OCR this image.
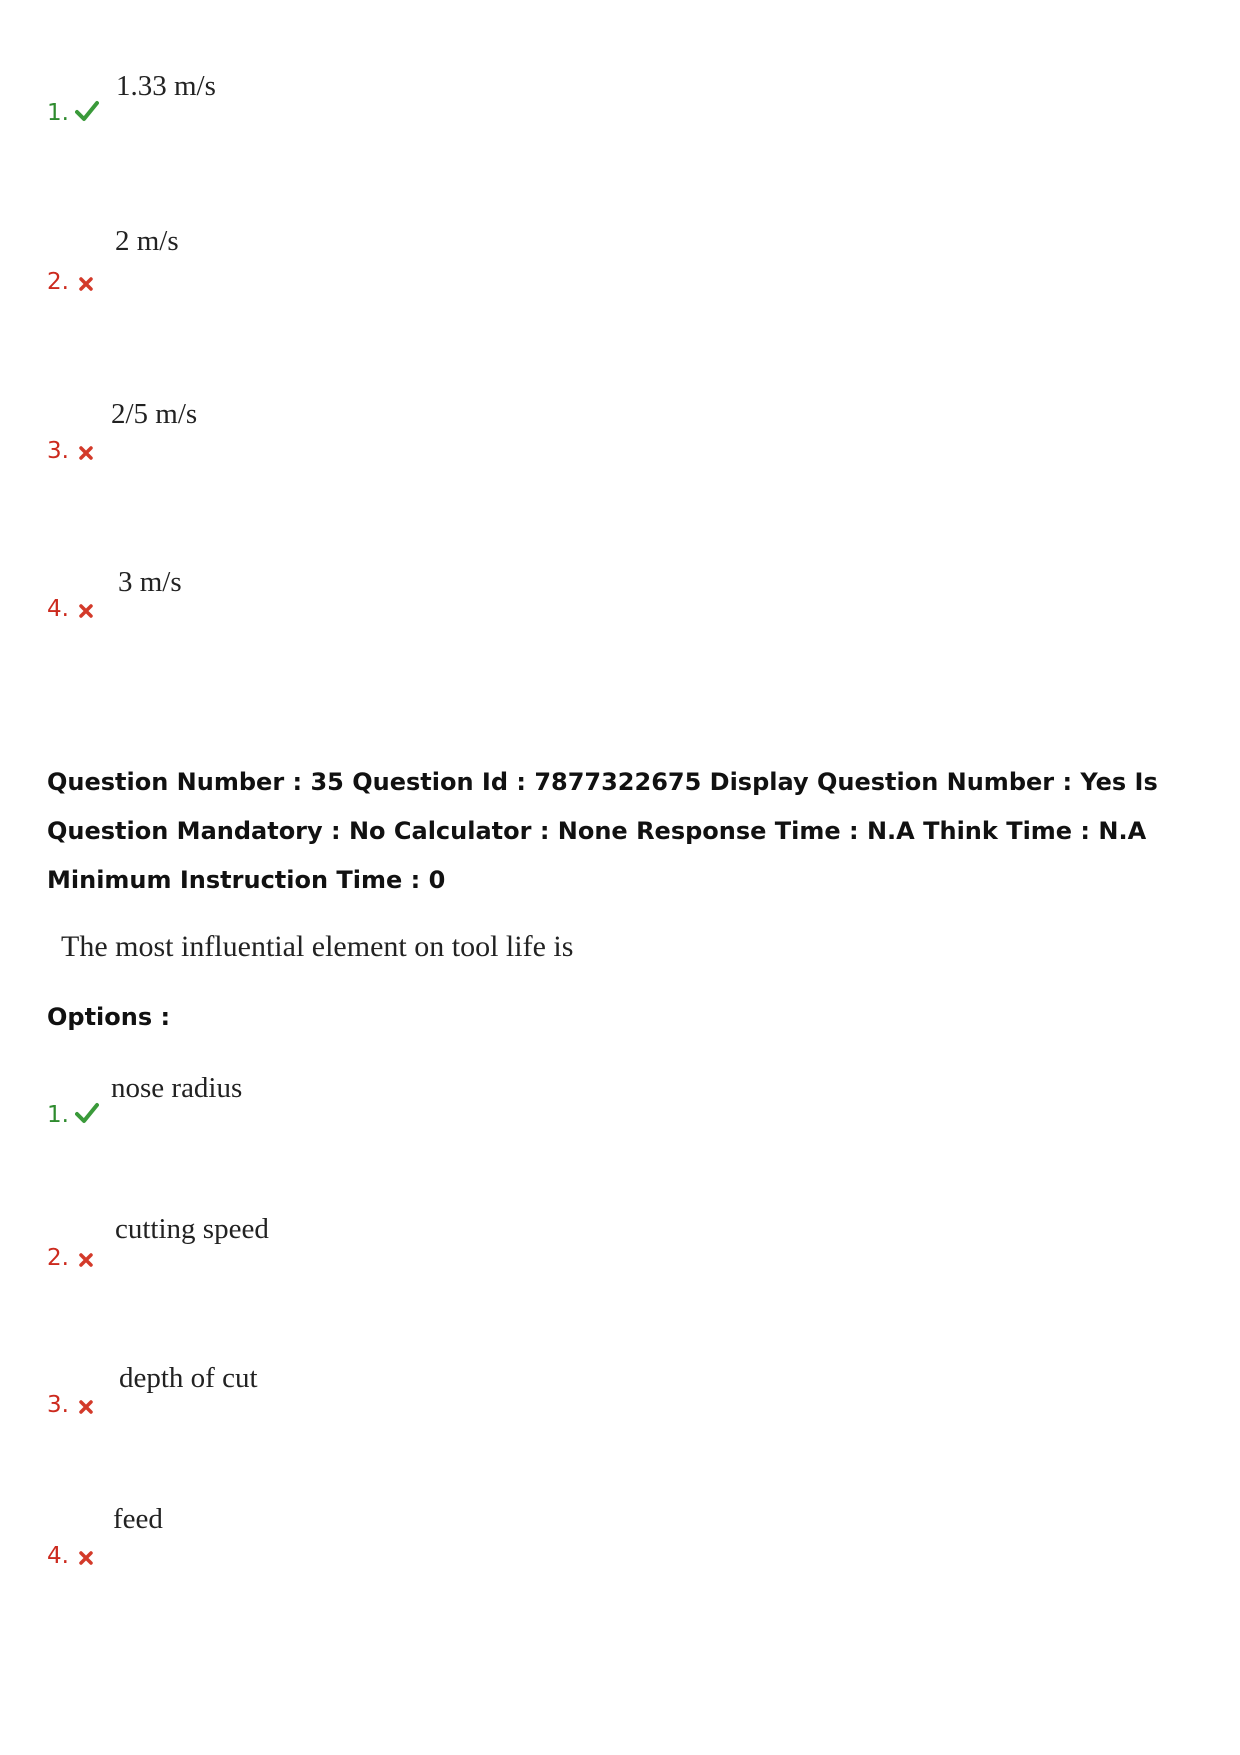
1.
1.33 m/s
2.
2 m/s
3.
2/5 m/s
4.
3 m/s
Question Number : 35 Question Id : 7877322675 Display Question Number : Yes Is Question Mandatory : No Calculator : None Response Time : N.A Think Time : N.A Minimum Instruction Time : 0
The most influential element on tool life is
Options :
1.
nose radius
2.
cutting speed
3.
depth of cut
4.
feed
